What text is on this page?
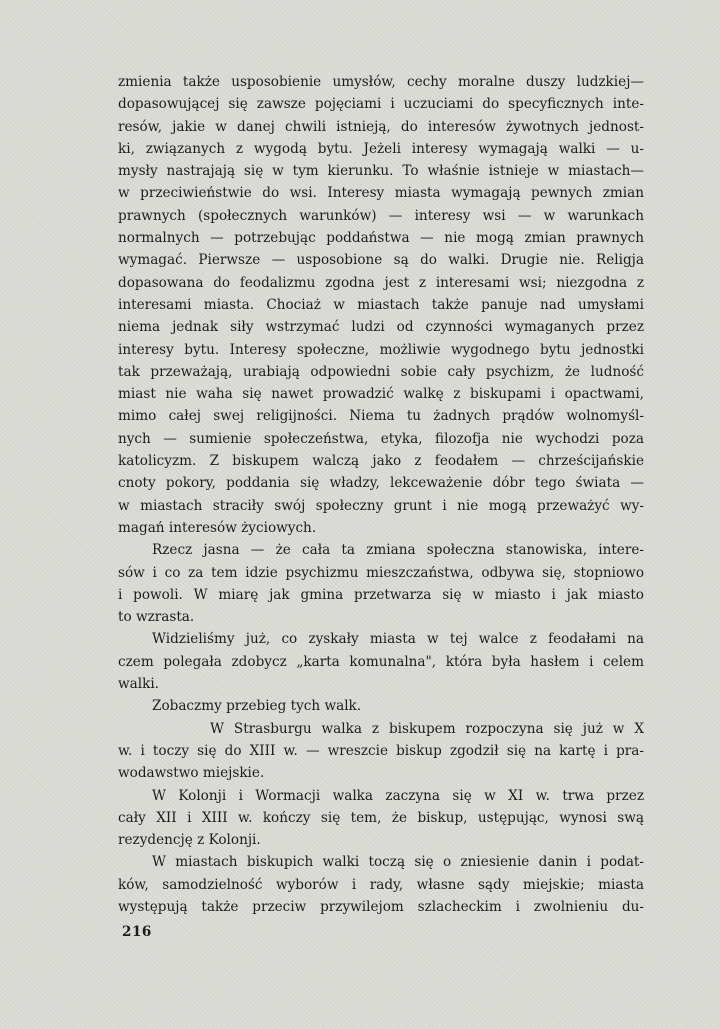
zmienia także usposobienie umysłów, cechy moralne duszy ludzkiej—
dopasowującej się zawsze pojęciami i uczuciami do specyficznych inte-
resów, jakie w danej chwili istnieją, do interesów żywotnych jednost-
ki, związanych z wygodą bytu. Jeżeli interesy wymagają walki — u-
mysły nastrajają się w tym kierunku. To właśnie istnieje w miastach—
w przeciwieństwie do wsi. Interesy miasta wymagają pewnych zmian
prawnych (społecznych warunków) — interesy wsi — w warunkach
normalnych — potrzebując poddaństwa — nie mogą zmian prawnych
wymagać. Pierwsze — usposobione są do walki. Drugie nie. Religja
dopasowana do feodalizmu zgodna jest z interesami wsi; niezgodna z
interesami miasta. Chociaż w miastach także panuje nad umysłami
niema jednak siły wstrzymać ludzi od czynności wymaganych przez
interesy bytu. Interesy społeczne, możliwie wygodnego bytu jednostki
tak przeważają, urabiają odpowiedni sobie cały psychizm, że ludność
miast nie waha się nawet prowadzić walkę z biskupami i opactwami,
mimo całej swej religijności. Niema tu żadnych prądów wolnomyśl-
nych — sumienie społeczeństwa, etyka, filozofja nie wychodzi poza
katolicyzm. Z biskupem walczą jako z feodałem — chrześcijańskie
cnoty pokory, poddania się władzy, lekceważenie dóbr tego świata —
w miastach straciły swój społeczny grunt i nie mogą przeważyć wy-
magań interesów życiowych.
Rzecz jasna — że cała ta zmiana społeczna stanowiska, intere-
sów i co za tem idzie psychizmu mieszczaństwa, odbywa się, stopniowo
i powoli. W miarę jak gmina przetwarza się w miasto i jak miasto
to wzrasta.
Widzieliśmy już, co zyskały miasta w tej walce z feodałami na
czem polegała zdobycz „karta komunalna", która była hasłem i celem
walki.
Zobaczmy przebieg tych walk.
W Strasburgu walka z biskupem rozpoczyna się już w X
w. i toczy się do XIII w. — wreszcie biskup zgodził się na kartę i pra-
wodawstwo miejskie.
W Kolonji i Wormacji walka zaczyna się w XI w. trwa przez
cały XII i XIII w. kończy się tem, że biskup, ustępując, wynosi swą
rezydencję z Kolonji.
W miastach biskupich walki toczą się o zniesienie danin i podat-
ków, samodzielność wyborów i rady, własne sądy miejskie; miasta
występują także przeciw przywilejom szlacheckim i zwolnieniu du-
216
